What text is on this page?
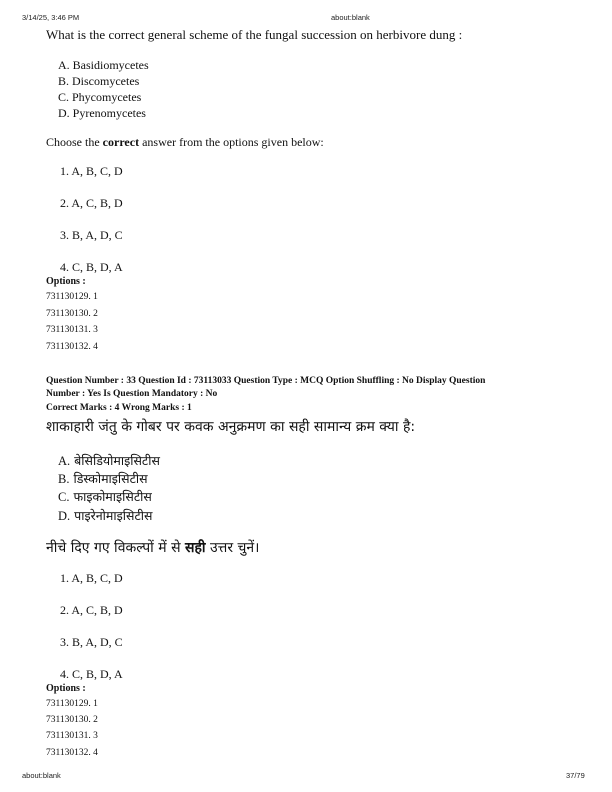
3/14/25, 3:46 PM	about:blank
What is the correct general scheme of the fungal succession on herbivore dung :
A. Basidiomycetes
B. Discomycetes
C. Phycomycetes
D. Pyrenomycetes
Choose the correct answer from the options given below:
1. A, B, C, D
2. A, C, B, D
3. B, A, D, C
4. C, B, D, A
Options :
731130129. 1
731130130. 2
731130131. 3
731130132. 4
Question Number : 33 Question Id : 73113033 Question Type : MCQ Option Shuffling : No Display Question
Number : Yes Is Question Mandatory : No
Correct Marks : 4 Wrong Marks : 1
शाकाहारी जंतु के गोबर पर कवक अनुक्रमण का सही सामान्य क्रम क्या है:
A. बेसिडियोमाइसिटीस
B. डिस्कोमाइसिटीस
C. फाइकोमाइसिटीस
D. पाइरेनोमाइसिटीस
नीचे दिए गए विकल्पों में से सही उत्तर चुनें।
1. A, B, C, D
2. A, C, B, D
3. B, A, D, C
4. C, B, D, A
Options :
731130129. 1
731130130. 2
731130131. 3
731130132. 4
about:blank	37/79
